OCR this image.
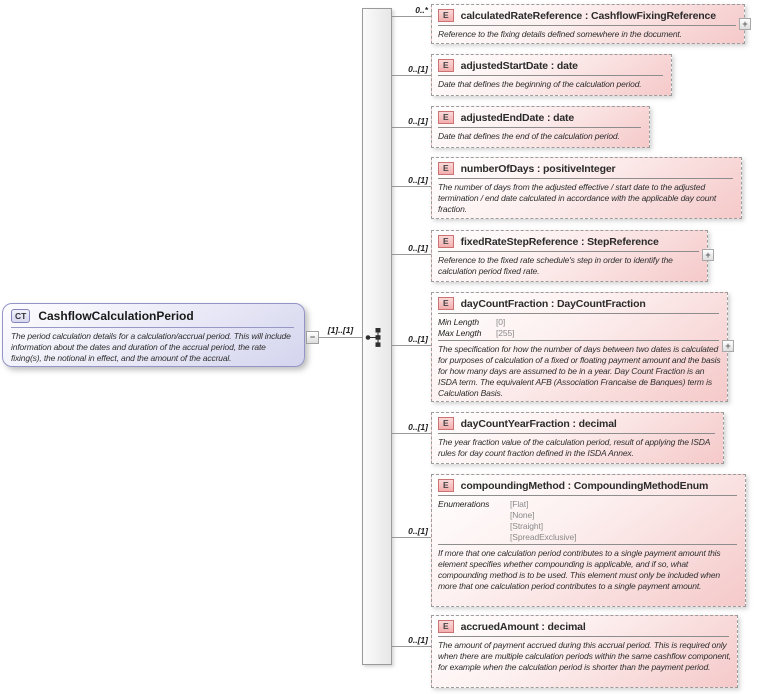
[1]..[1]
0..*
0..[1]
0..[1]
0..[1]
0..[1]
0..[1]
0..[1]
0..[1]
0..[1]
CT	CashflowCalculationPeriod
The period calculation details for a calculation/accrual period. This will include information about the dates and duration of the accrual period, the rate fixing(s), the notional in effect, and the amount of the accrual.
−
E	calculatedRateReference : CashflowFixingReference
Reference to the fixing details defined somewhere in the document.
+
E	adjustedStartDate : date
Date that defines the beginning of the calculation period.
E	adjustedEndDate : date
Date that defines the end of the calculation period.
E	numberOfDays : positiveInteger
The number of days from the adjusted effective / start date to the adjusted termination / end date calculated in accordance with the applicable day count fraction.
E	fixedRateStepReference : StepReference
Reference to the fixed rate schedule's step in order to identify the calculation period fixed rate.
+
E	dayCountFraction : DayCountFraction
Min Length	[0]
Max Length	[255]
The specification for how the number of days between two dates is calculated for purposes of calculation of a fixed or floating payment amount and the basis for how many days are assumed to be in a year. Day Count Fraction is an ISDA term. The equivalent AFB (Association Francaise de Banques) term is Calculation Basis.
+
E	dayCountYearFraction : decimal
The year fraction value of the calculation period, result of applying the ISDA rules for day count fraction defined in the ISDA Annex.
E	compoundingMethod : CompoundingMethodEnum
Enumerations	[Flat]
[None]
[Straight]
[SpreadExclusive]
If more that one calculation period contributes to a single payment amount this element specifies whether compounding is applicable, and if so, what compounding method is to be used. This element must only be included when more that one calculation period contributes to a single payment amount.
E	accruedAmount : decimal
The amount of payment accrued during this accrual period. This is required only when there are multiple calculation periods within the same cashflow component, for example when the calculation period is shorter than the payment period.
